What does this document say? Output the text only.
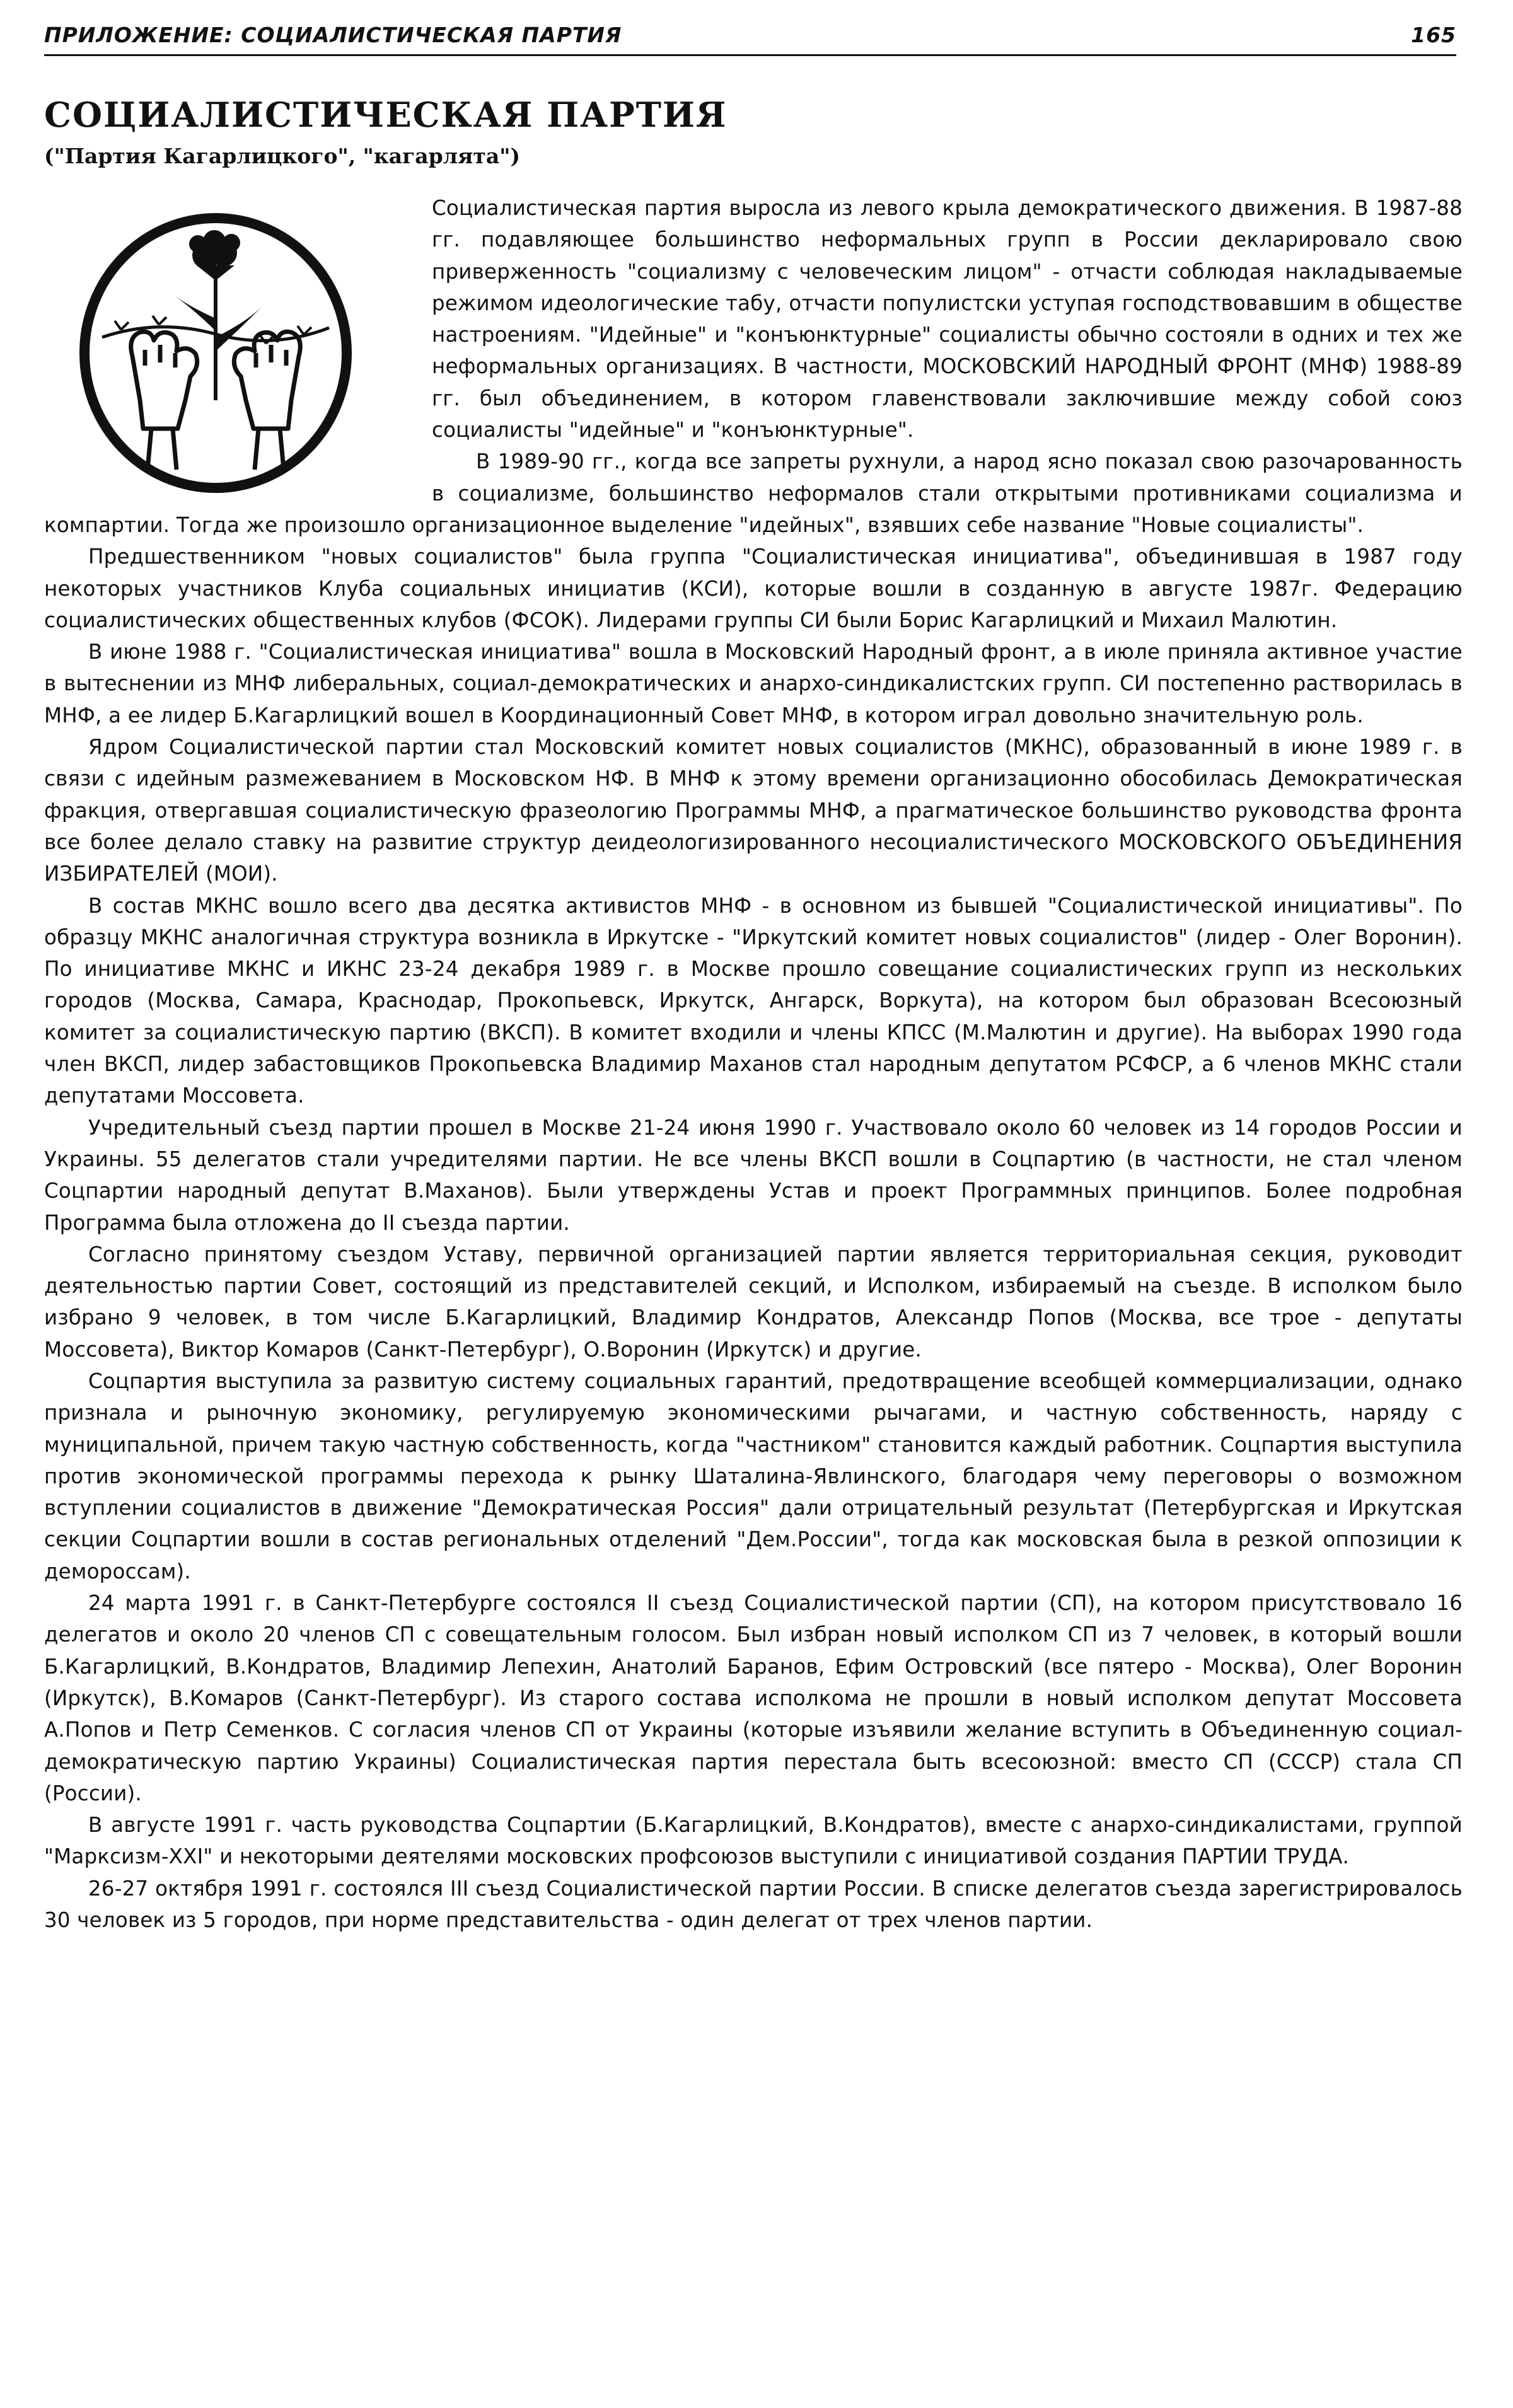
ПРИЛОЖЕНИЕ: СОЦИАЛИСТИЧЕСКАЯ ПАРТИЯ	165
СОЦИАЛИСТИЧЕСКАЯ ПАРТИЯ
("Партия Кагарлицкого", "кагарлята")

Социалистическая партия выросла из левого крыла демократического движения. В 1987-88 гг. подавляющее большинство неформальных групп в России декларировало свою приверженность "социализму с человеческим лицом" - отчасти соблюдая накладываемые режимом идеологические табу, отчасти популистски уступая господствовавшим в обществе настроениям. "Идейные" и "конъюнктурные" социалисты обычно состояли в одних и тех же неформальных организациях. В частности, МОСКОВСКИЙ НАРОДНЫЙ ФРОНТ (МНФ) 1988-89 гг. был объединением, в котором главенствовали заключившие между собой союз социалисты "идейные" и "конъюнктурные".

В 1989-90 гг., когда все запреты рухнули, а народ ясно показал свою разочарованность в социализме, большинство неформалов стали открытыми противниками социализма и компартии. Тогда же произошло организационное выделение "идейных", взявших себе название "Новые социалисты".

Предшественником "новых социалистов" была группа "Социалистическая инициатива", объединившая в 1987 году некоторых участников Клуба социальных инициатив (КСИ), которые вошли в созданную в августе 1987г. Федерацию социалистических общественных клубов (ФСОК). Лидерами группы СИ были Борис Кагарлицкий и Михаил Малютин.

В июне 1988 г. "Социалистическая инициатива" вошла в Московский Народный фронт, а в июле приняла активное участие в вытеснении из МНФ либеральных, социал-демократических и анархо-синдикалистских групп. СИ постепенно растворилась в МНФ, а ее лидер Б.Кагарлицкий вошел в Координационный Совет МНФ, в котором играл довольно значительную роль.

Ядром Социалистической партии стал Московский комитет новых социалистов (МКНС), образованный в июне 1989 г. в связи с идейным размежеванием в Московском НФ. В МНФ к этому времени организационно обособилась Демократическая фракция, отвергавшая социалистическую фразеологию Программы МНФ, а прагматическое большинство руководства фронта все более делало ставку на развитие структур деидеологизированного несоциалистического МОСКОВСКОГО ОБЪЕДИНЕНИЯ ИЗБИРАТЕЛЕЙ (МОИ).

В состав МКНС вошло всего два десятка активистов МНФ - в основном из бывшей "Социалистической инициативы". По образцу МКНС аналогичная структура возникла в Иркутске - "Иркутский комитет новых социалистов" (лидер - Олег Воронин). По инициативе МКНС и ИКНС 23-24 декабря 1989 г. в Москве прошло совещание социалистических групп из нескольких городов (Москва, Самара, Краснодар, Прокопьевск, Иркутск, Ангарск, Воркута), на котором был образован Всесоюзный комитет за социалистическую партию (ВКСП). В комитет входили и члены КПСС (М.Малютин и другие). На выборах 1990 года член ВКСП, лидер забастовщиков Прокопьевска Владимир Маханов стал народным депутатом РСФСР, а 6 членов МКНС стали депутатами Моссовета.

Учредительный съезд партии прошел в Москве 21-24 июня 1990 г. Участвовало около 60 человек из 14 городов России и Украины. 55 делегатов стали учредителями партии. Не все члены ВКСП вошли в Соцпартию (в частности, не стал членом Соцпартии народный депутат В.Маханов). Были утверждены Устав и проект Программных принципов. Более подробная Программа была отложена до II съезда партии.

Согласно принятому съездом Уставу, первичной организацией партии является территориальная секция, руководит деятельностью партии Совет, состоящий из представителей секций, и Исполком, избираемый на съезде. В исполком было избрано 9 человек, в том числе Б.Кагарлицкий, Владимир Кондратов, Александр Попов (Москва, все трое - депутаты Моссовета), Виктор Комаров (Санкт-Петербург), О.Воронин (Иркутск) и другие.

Соцпартия выступила за развитую систему социальных гарантий, предотвращение всеобщей коммерциализации, однако признала и рыночную экономику, регулируемую экономическими рычагами, и частную собственность, наряду с муниципальной, причем такую частную собственность, когда "частником" становится каждый работник. Соцпартия выступила против экономической программы перехода к рынку Шаталина-Явлинского, благодаря чему переговоры о возможном вступлении социалистов в движение "Демократическая Россия" дали отрицательный результат (Петербургская и Иркутская секции Соцпартии вошли в состав региональных отделений "Дем.России", тогда как московская была в резкой оппозиции к демороссам).

24 марта 1991 г. в Санкт-Петербурге состоялся II съезд Социалистической партии (СП), на котором присутствовало 16 делегатов и около 20 членов СП с совещательным голосом. Был избран новый исполком СП из 7 человек, в который вошли Б.Кагарлицкий, В.Кондратов, Владимир Лепехин, Анатолий Баранов, Ефим Островский (все пятеро - Москва), Олег Воронин (Иркутск), В.Комаров (Санкт-Петербург). Из старого состава исполкома не прошли в новый исполком депутат Моссовета А.Попов и Петр Семенков. С согласия членов СП от Украины (которые изъявили желание вступить в Объединенную социал-демократическую партию Украины) Социалистическая партия перестала быть всесоюзной: вместо СП (СССР) стала СП (России).

В августе 1991 г. часть руководства Соцпартии (Б.Кагарлицкий, В.Кондратов), вместе с анархо-синдикалистами, группой "Марксизм-XXI" и некоторыми деятелями московских профсоюзов выступили с инициативой создания ПАРТИИ ТРУДА.

26-27 октября 1991 г. состоялся III съезд Социалистической партии России. В списке делегатов съезда зарегистрировалось 30 человек из 5 городов, при норме представительства - один делегат от трех членов партии.
